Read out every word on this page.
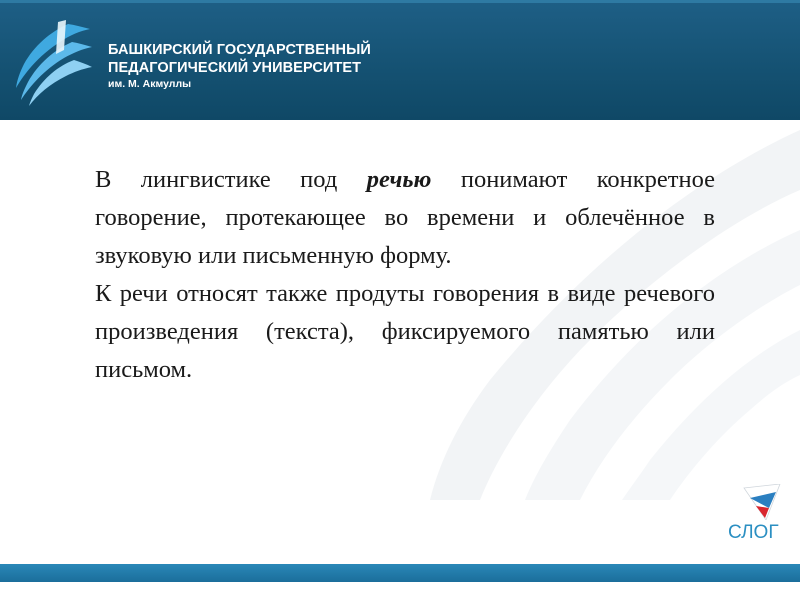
БАШКИРСКИЙ ГОСУДАРСТВЕННЫЙ
ПЕДАГОГИЧЕСКИЙ УНИВЕРСИТЕТ
им. М. Акмуллы

В лингвистике под речью понимают конкретное говорение, протекающее во времени и облечённое в звуковую или письменную форму.

К речи относят также продуты говорения в виде речевого произведения (текста), фиксируемого памятью или письмом.

СЛОГ
